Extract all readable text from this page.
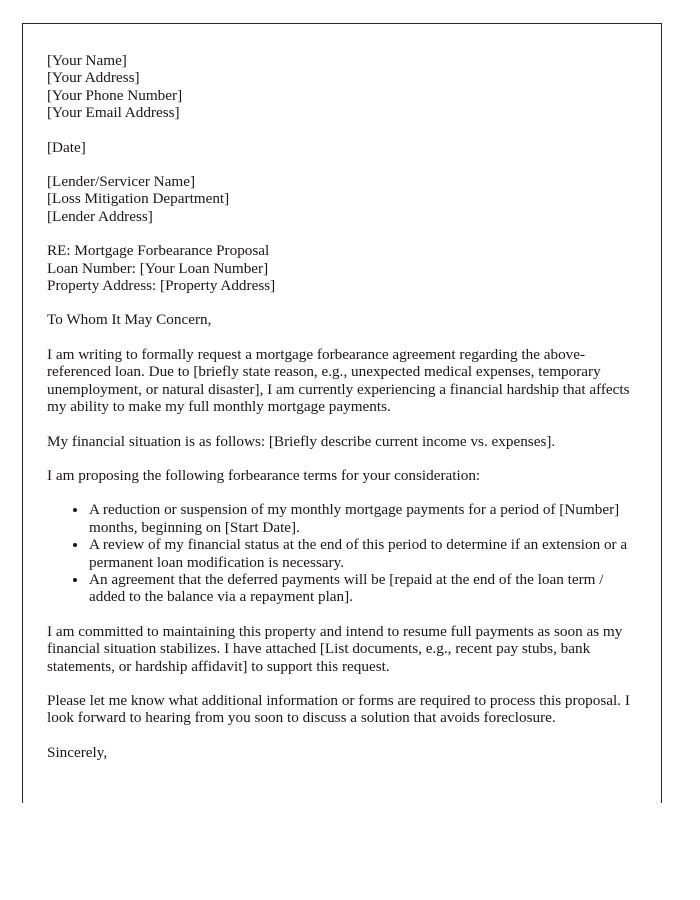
[Your Name]
[Your Address]
[Your Phone Number]
[Your Email Address]

[Date]

[Lender/Servicer Name]
[Loss Mitigation Department]
[Lender Address]

RE: Mortgage Forbearance Proposal
Loan Number: [Your Loan Number]
Property Address: [Property Address]

To Whom It May Concern,

I am writing to formally request a mortgage forbearance agreement regarding the above-referenced loan. Due to [briefly state reason, e.g., unexpected medical expenses, temporary unemployment, or natural disaster], I am currently experiencing a financial hardship that affects my ability to make my full monthly mortgage payments.

My financial situation is as follows: [Briefly describe current income vs. expenses].

I am proposing the following forbearance terms for your consideration:

• A reduction or suspension of my monthly mortgage payments for a period of [Number] months, beginning on [Start Date].
• A review of my financial status at the end of this period to determine if an extension or a permanent loan modification is necessary.
• An agreement that the deferred payments will be [repaid at the end of the loan term / added to the balance via a repayment plan].

I am committed to maintaining this property and intend to resume full payments as soon as my financial situation stabilizes. I have attached [List documents, e.g., recent pay stubs, bank statements, or hardship affidavit] to support this request.

Please let me know what additional information or forms are required to process this proposal. I look forward to hearing from you soon to discuss a solution that avoids foreclosure.

Sincerely,
